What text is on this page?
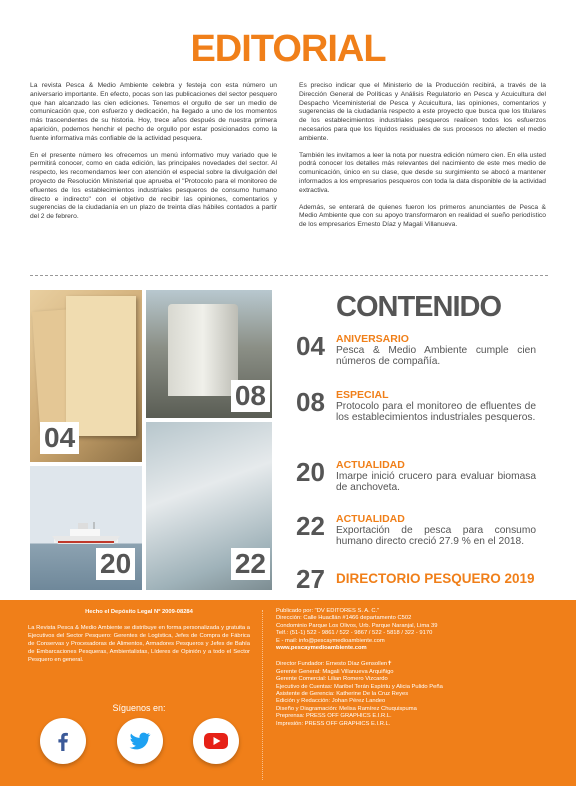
EDITORIAL

La revista Pesca & Medio Ambiente celebra y festeja con esta número un aniversario importante. En efecto, pocas son las publicaciones del sector pesquero que han alcanzado las cien ediciones. Tenemos el orgullo de ser un medio de comunicación que, con esfuerzo y dedicación, ha llegado a uno de los momentos más trascendentes de su historia. Hoy, trece años después de nuestra primera aparición, podemos henchir el pecho de orgullo por estar posicionados como la fuente informativa más confiable de la actividad pesquera.

En el presente número les ofrecemos un menú informativo muy variado que le permitirá conocer, como en cada edición, las principales novedades del sector. Al respecto, les recomendamos leer con atención el especial sobre la divulgación del proyecto de Resolución Ministerial que aprueba el "Protocolo para el monitoreo de efluentes de los establecimientos industriales pesqueros de consumo humano directo e indirecto" con el objetivo de recibir las opiniones, comentarios y sugerencias de la ciudadanía en un plazo de treinta días hábiles contados a partir del 2 de febrero.

Es preciso indicar que el Ministerio de la Producción recibirá, a través de la Dirección General de Políticas y Análisis Regulatorio en Pesca y Acuicultura del Despacho Viceministerial de Pesca y Acuicultura, las opiniones, comentarios y sugerencias de la ciudadanía respecto a este proyecto que busca que los titulares de los establecimientos industriales pesqueros realicen todos los esfuerzos necesarios para que los líquidos residuales de sus procesos no afecten el medio ambiente.

También les invitamos a leer la nota por nuestra edición número cien. En ella usted podrá conocer los detalles más relevantes del nacimiento de este mes medio de comunicación, único en su clase, que desde su surgimiento se abocó a mantener informados a los empresarios pesqueros con toda la data disponible de la actividad extractiva.

Además, se enterará de quienes fueron los primeros anunciantes de Pesca & Medio Ambiente que con su apoyo transformaron en realidad el sueño periodístico de los empresarios Ernesto Díaz y Magali Villanueva.

04
08
20	22
CONTENIDO
04	ANIVERSARIO
Pesca & Medio Ambiente cumple cien números de compañía.
08	ESPECIAL
Protocolo para el monitoreo de efluentes de los establecimientos industriales pesqueros.
20	ACTUALIDAD
Imarpe inició crucero para evaluar biomasa de anchoveta.
22	ACTUALIDAD
Exportación de pesca para consumo humano directo creció 27.9 % en el 2018.
27 DIRECTORIO PESQUERO 2019
Hecho el Depósito Legal Nº 2009-08284
La Revista Pesca & Medio Ambiente se distribuye en forma personalizada y gratuita a Ejecutivos del Sector Pesquero: Gerentes de Logística, Jefes de Compra de Fábrica de Conservas y Procesadoras de Alimentos, Armadores Pesqueros y Jefes de Bahía de Embarcaciones Pesqueras, Ambientalistas, Líderes de Opinión y a todo el Sector Pesquero en general.
Síguenos en:
Publicado por: "DV EDITORES S. A. C."
Dirección: Calle Huacllán #1466 departamento C502
Condominio Parque Los Olivos, Urb. Parque Naranjal, Lima 39
Telf.: (51-1) 522 - 9861 / 522 - 9867 / 522 - 5818 / 322 - 9170
E - mail: info@pescaymedioambiente.com
www.pescaymedioambiente.com
Director Fundador: Ernesto Díaz Gensollen✝
Gerente General: Magali Villanueva Arquiñigo
Gerente Comercial: Lilian Romero Vizcardo
Ejecutivo de Cuentas: Maribel Terán Espíritu y Alicia Pulido Peña
Asistente de Gerencia: Katherine De la Cruz Reyes
Edición y Redacción: Johan Pérez Landeo
Diseño y Diagramación: Melisa Ramírez Chuquispuma
Preprensa: PRESS OFF GRAPHICS E.I.R.L.
Impresión: PRESS OFF GRAPHICS E.I.R.L.
